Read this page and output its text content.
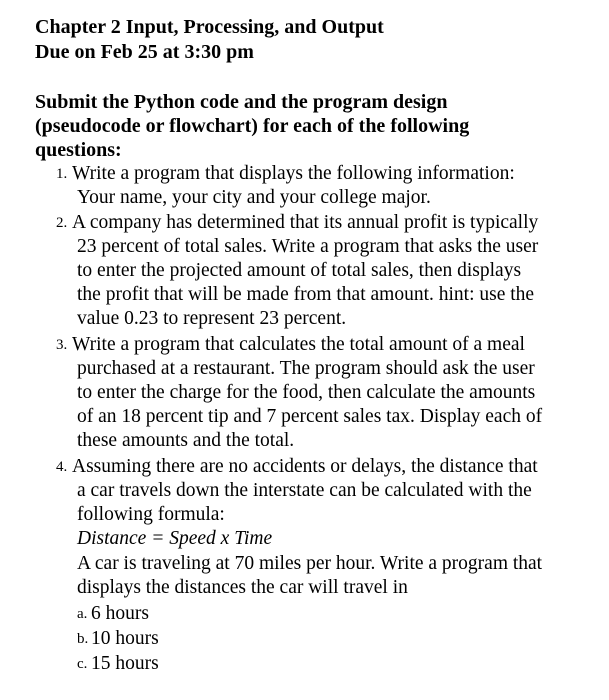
Chapter 2 Input, Processing, and Output
Due on Feb 25 at 3:30 pm
Submit the Python code and the program design
(pseudocode or flowchart) for each of the following
questions:
1. Write a program that displays the following information:
Your name, your city and your college major.
2. A company has determined that its annual profit is typically
23 percent of total sales. Write a program that asks the user
to enter the projected amount of total sales, then displays
the profit that will be made from that amount. hint: use the
value 0.23 to represent 23 percent.
3. Write a program that calculates the total amount of a meal
purchased at a restaurant. The program should ask the user
to enter the charge for the food, then calculate the amounts
of an 18 percent tip and 7 percent sales tax. Display each of
these amounts and the total.
4. Assuming there are no accidents or delays, the distance that
a car travels down the interstate can be calculated with the
following formula:
Distance = Speed x Time
A car is traveling at 70 miles per hour. Write a program that
displays the distances the car will travel in
a. 6 hours
b. 10 hours
c. 15 hours
